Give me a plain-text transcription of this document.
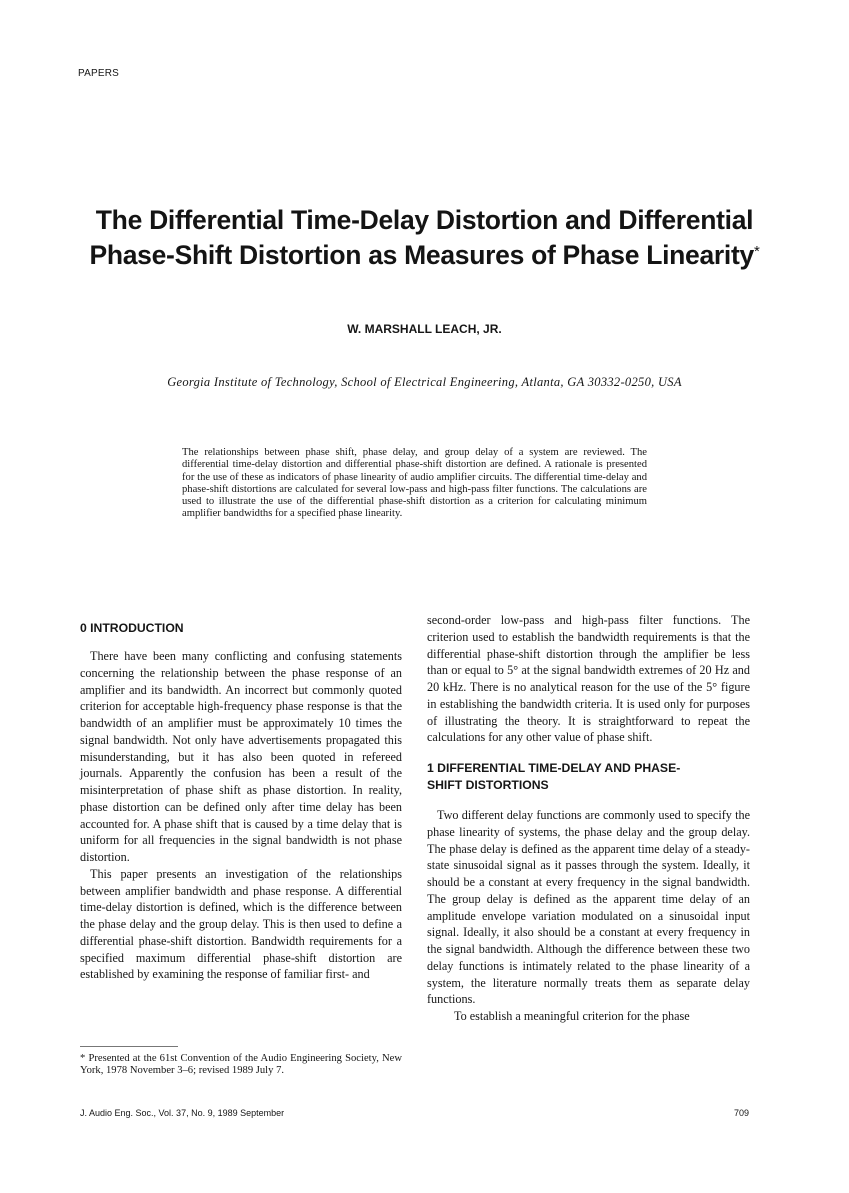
PAPERS
The Differential Time-Delay Distortion and Differential
Phase-Shift Distortion as Measures of Phase Linearity*
W. MARSHALL LEACH, JR.
Georgia Institute of Technology, School of Electrical Engineering, Atlanta, GA 30332-0250, USA

The relationships between phase shift, phase delay, and group delay of a system are reviewed. The differential time-delay distortion and differential phase-shift distortion are defined. A rationale is presented for the use of these as indicators of phase linearity of audio amplifier circuits. The differential time-delay and phase-shift distortions are calculated for several low-pass and high-pass filter functions. The calculations are used to illustrate the use of the differential phase-shift distortion as a criterion for calculating minimum amplifier bandwidths for a specified phase linearity.

0 INTRODUCTION

There have been many conflicting and confusing statements concerning the relationship between the phase response of an amplifier and its bandwidth. An incorrect but commonly quoted criterion for acceptable high-frequency phase response is that the bandwidth of an amplifier must be approximately 10 times the signal bandwidth. Not only have advertisements propagated this misunderstanding, but it has also been quoted in refereed journals. Apparently the confusion has been a result of the misinterpretation of phase shift as phase distortion. In reality, phase distortion can be defined only after time delay has been accounted for. A phase shift that is caused by a time delay that is uniform for all frequencies in the signal bandwidth is not phase distortion.

This paper presents an investigation of the relationships between amplifier bandwidth and phase response. A differential time-delay distortion is defined, which is the difference between the phase delay and the group delay. This is then used to define a differential phase-shift distortion. Bandwidth requirements for a specified maximum differential phase-shift distortion are established by examining the response of familiar first- and

second-order low-pass and high-pass filter functions. The criterion used to establish the bandwidth requirements is that the differential phase-shift distortion through the amplifier be less than or equal to 5° at the signal bandwidth extremes of 20 Hz and 20 kHz. There is no analytical reason for the use of the 5° figure in establishing the bandwidth criteria. It is used only for purposes of illustrating the theory. It is straightforward to repeat the calculations for any other value of phase shift.

1 DIFFERENTIAL TIME-DELAY AND PHASE-
SHIFT DISTORTIONS

Two different delay functions are commonly used to specify the phase linearity of systems, the phase delay and the group delay. The phase delay is defined as the apparent time delay of a steady-state sinusoidal signal as it passes through the system. Ideally, it should be a constant at every frequency in the signal bandwidth. The group delay is defined as the apparent time delay of an amplitude envelope variation modulated on a sinusoidal input signal. Ideally, it also should be a constant at every frequency in the signal bandwidth. Although the difference between these two delay functions is intimately related to the phase linearity of a system, the literature normally treats them as separate delay functions.

To establish a meaningful criterion for the phase

* Presented at the 61st Convention of the Audio Engineering Society, New York, 1978 November 3–6; revised 1989 July 7.
J. Audio Eng. Soc., Vol. 37, No. 9, 1989 September	709
